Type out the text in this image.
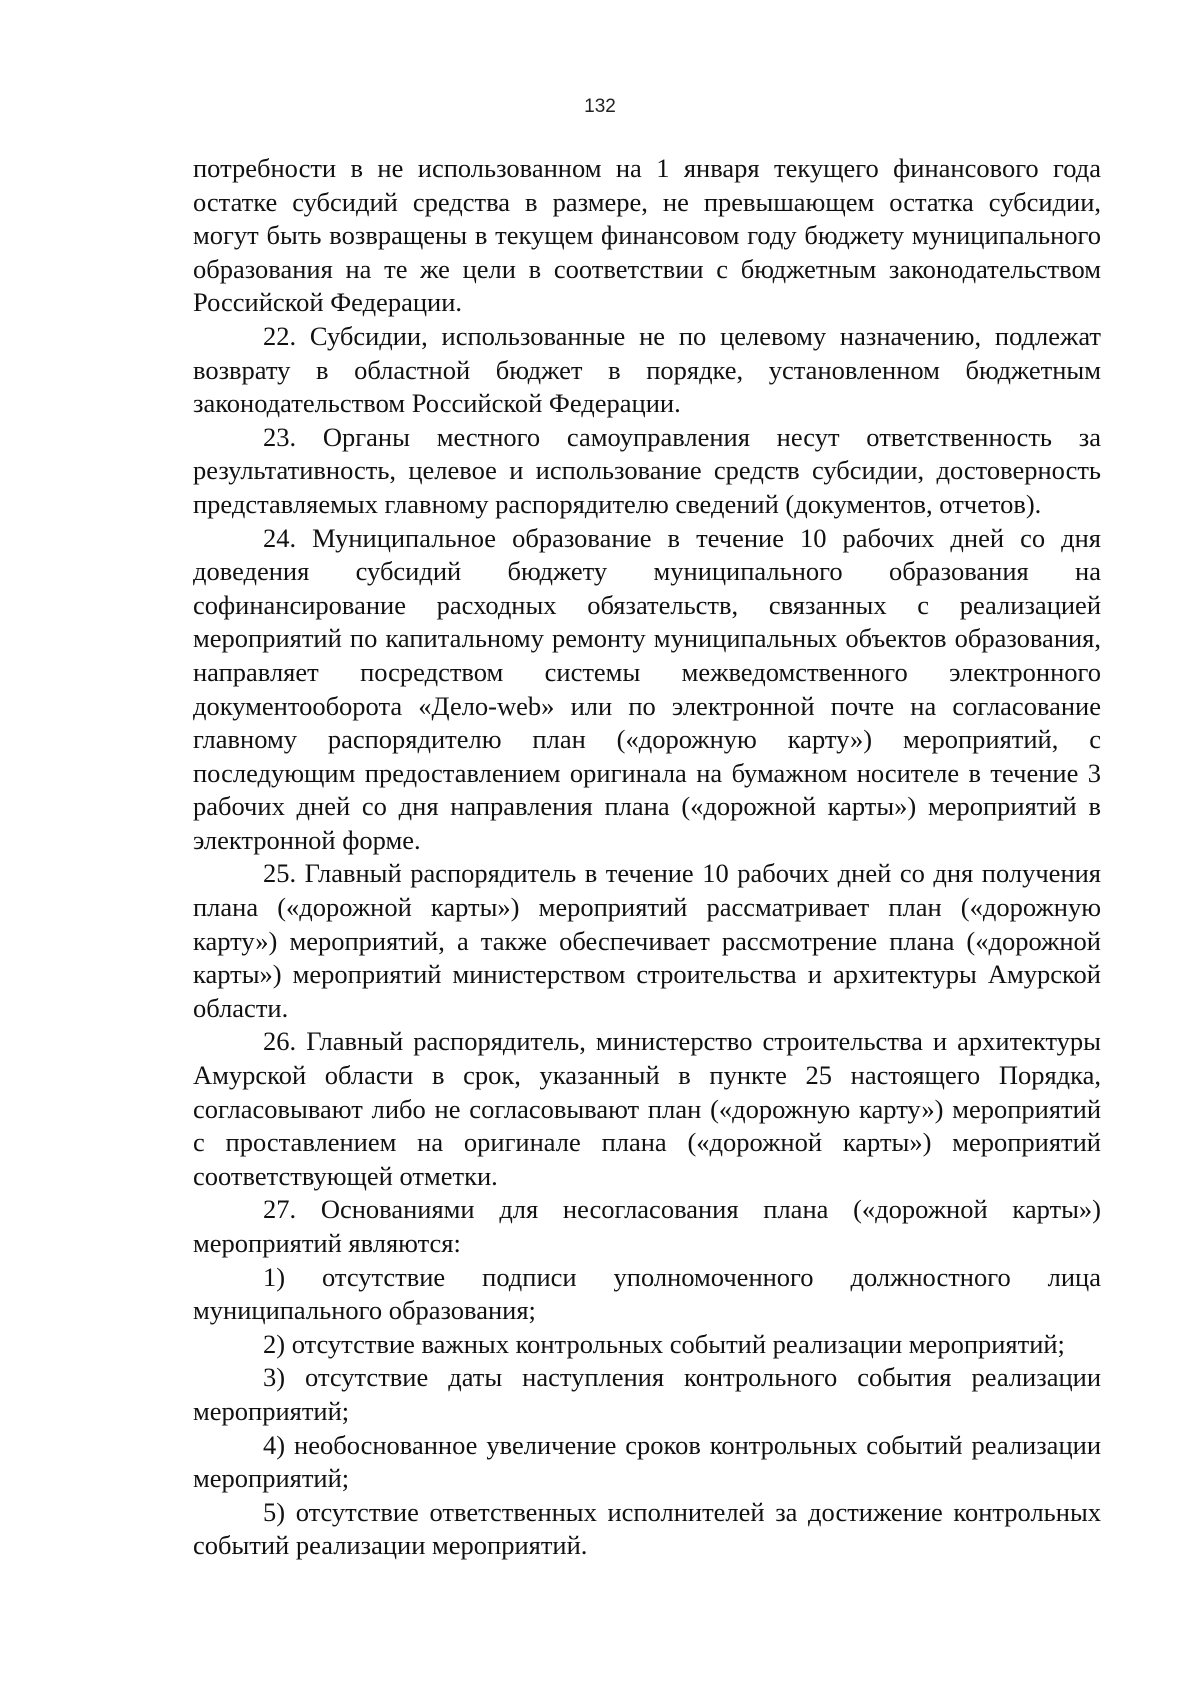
132

потребности в не использованном на 1 января текущего финансового года остатке субсидий средства в размере, не превышающем остатка субсидии, могут быть возвращены в текущем финансовом году бюджету муниципального образования на те же цели в соответствии с бюджетным законодательством Российской Федерации.

22. Субсидии, использованные не по целевому назначению, подлежат возврату в областной бюджет в порядке, установленном бюджетным законодательством Российской Федерации.

23. Органы местного самоуправления несут ответственность за результативность, целевое и использование средств субсидии, достоверность представляемых главному распорядителю сведений (документов, отчетов).

24. Муниципальное образование в течение 10 рабочих дней со дня доведения субсидий бюджету муниципального образования на софинансирование расходных обязательств, связанных с реализацией мероприятий по капитальному ремонту муниципальных объектов образования, направляет посредством системы межведомственного электронного документооборота «Дело-web» или по электронной почте на согласование главному распорядителю план («дорожную карту») мероприятий, с последующим предоставлением оригинала на бумажном носителе в течение 3 рабочих дней со дня направления плана («дорожной карты») мероприятий в электронной форме.

25. Главный распорядитель в течение 10 рабочих дней со дня получения плана («дорожной карты») мероприятий рассматривает план («дорожную карту») мероприятий, а также обеспечивает рассмотрение плана («дорожной карты») мероприятий министерством строительства и архитектуры Амурской области.

26. Главный распорядитель, министерство строительства и архитектуры Амурской области в срок, указанный в пункте 25 настоящего Порядка, согласовывают либо не согласовывают план («дорожную карту») мероприятий с проставлением на оригинале плана («дорожной карты») мероприятий соответствующей отметки.

27. Основаниями для несогласования плана («дорожной карты») мероприятий являются:

1) отсутствие подписи уполномоченного должностного лица муниципального образования;

2) отсутствие важных контрольных событий реализации мероприятий;

3) отсутствие даты наступления контрольного события реализации мероприятий;

4) необоснованное увеличение сроков контрольных событий реализации мероприятий;

5) отсутствие ответственных исполнителей за достижение контрольных событий реализации мероприятий.
